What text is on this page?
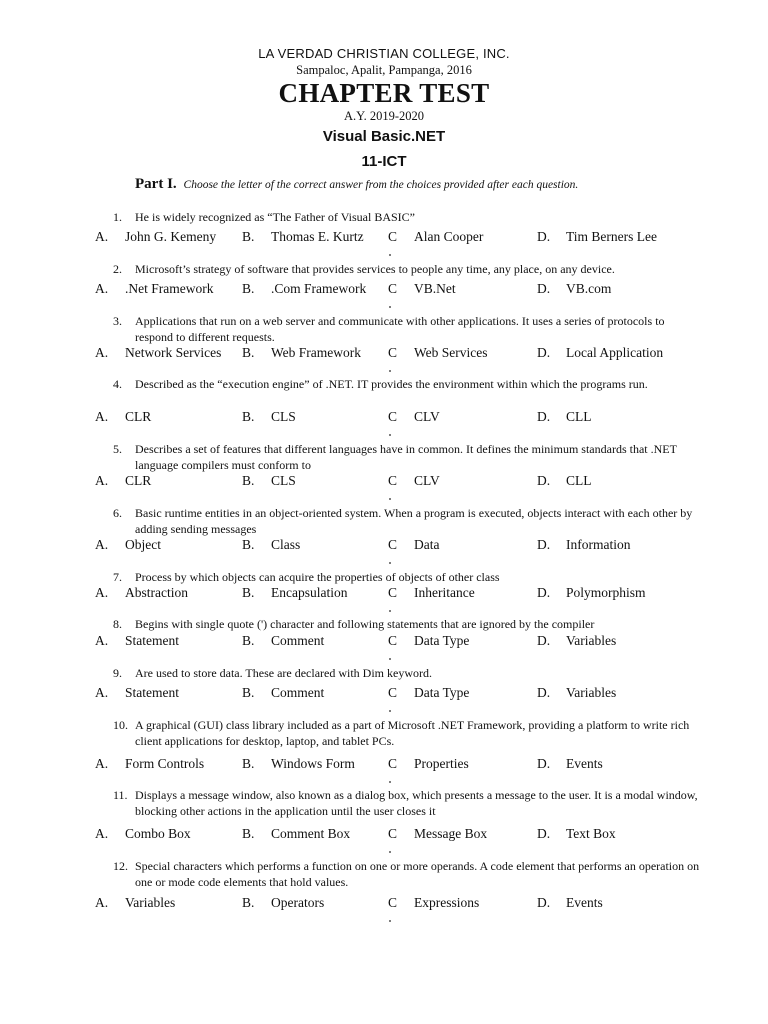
LA VERDAD CHRISTIAN COLLEGE, INC.
Sampaloc, Apalit, Pampanga, 2016
CHAPTER TEST
A.Y. 2019-2020
Visual Basic.NET
11-ICT
Part I. Choose the letter of the correct answer from the choices provided after each question.
1. He is widely recognized as “The Father of Visual BASIC”
A. John G. Kemeny B. Thomas E. Kurtz C Alan Cooper	D. Tim Berners Lee
2. Microsoft’s strategy of software that provides services to people any time, any place, on any device.
A. .Net Framework B. .Com Framework C VB.Net	D. VB.com
3. Applications that run on a web server and communicate with other applications. It uses a series of protocols to respond to different requests.
A. Network Services B. Web Framework C Web Services	D. Local Application
4. Described as the “execution engine” of .NET. IT provides the environment within which the programs run.
A. CLR	B. CLS	C CLV	D. CLL
5. Describes a set of features that different languages have in common. It defines the minimum standards that .NET language compilers must conform to
A. CLR	B. CLS	C CLV	D. CLL
6. Basic runtime entities in an object-oriented system. When a program is executed, objects interact with each other by adding sending messages
A. Object	B. Class	C Data	D. Information
7. Process by which objects can acquire the properties of objects of other class
A. Abstraction	B. Encapsulation	C Inheritance	D. Polymorphism
8. Begins with single quote (') character and following statements that are ignored by the compiler
A. Statement	B. Comment	C Data Type	D. Variables
9. Are used to store data. These are declared with Dim keyword.
A. Statement	B. Comment	C Data Type	D. Variables
10. A graphical (GUI) class library included as a part of Microsoft .NET Framework, providing a platform to write rich client applications for desktop, laptop, and tablet PCs.
A. Form Controls	B. Windows Form C Properties	D. Events
11. Displays a message window, also known as a dialog box, which presents a message to the user. It is a modal window, blocking other actions in the application until the user closes it
A. Combo Box	B. Comment Box	C Message Box	D. Text Box
12. Special characters which performs a function on one or more operands. A code element that performs an operation on one or mode code elements that hold values.
A. Variables	B. Operators	C Expressions	D. Events
